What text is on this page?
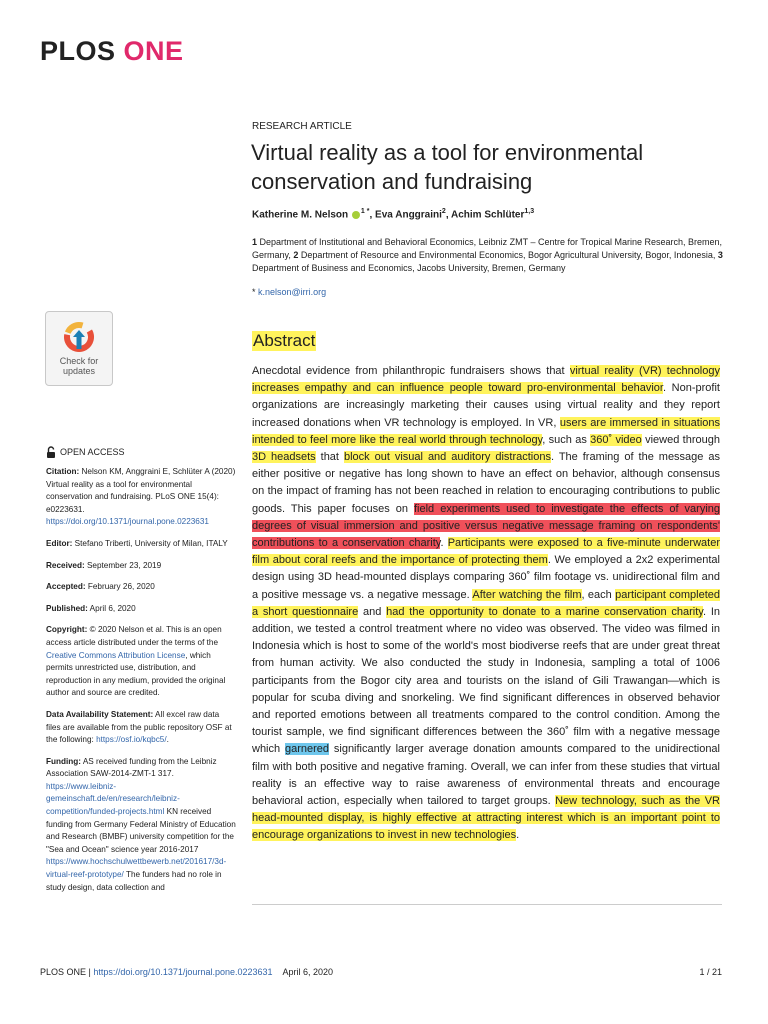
PLOS ONE
RESEARCH ARTICLE
Virtual reality as a tool for environmental conservation and fundraising
Katherine M. Nelson $^{1 *}$, Eva Anggraini$^2$, Achim Schlüter$^{1,3}$
1 Department of Institutional and Behavioral Economics, Leibniz ZMT – Centre for Tropical Marine Research, Bremen, Germany, 2 Department of Resource and Environmental Economics, Bogor Agricultural University, Bogor, Indonesia, 3 Department of Business and Economics, Jacobs University, Bremen, Germany
* k.nelson@irri.org
Abstract

Anecdotal evidence from philanthropic fundraisers shows that virtual reality (VR) technology increases empathy and can influence people toward pro-environmental behavior. Non-profit organizations are increasingly marketing their causes using virtual reality and they report increased donations when VR technology is employed. In VR, users are immersed in situations intended to feel more like the real world through technology, such as 360˚ video viewed through 3D headsets that block out visual and auditory distractions. The framing of the message as either positive or negative has long shown to have an effect on behavior, although consensus on the impact of framing has not been reached in relation to encouraging contributions to public goods. This paper focuses on field experiments used to investigate the effects of varying degrees of visual immersion and positive versus negative message framing on respondents' contributions to a conservation charity. Participants were exposed to a five-minute underwater film about coral reefs and the importance of protecting them. We employed a 2x2 experimental design using 3D head-mounted displays comparing 360˚ film footage vs. unidirectional film and a positive message vs. a negative message. After watching the film, each participant completed a short questionnaire and had the opportunity to donate to a marine conservation charity. In addition, we tested a control treatment where no video was observed. The video was filmed in Indonesia which is host to some of the world's most biodiverse reefs that are under great threat from human activity. We also conducted the study in Indonesia, sampling a total of 1006 participants from the Bogor city area and tourists on the island of Gili Trawangan—which is popular for scuba diving and snorkeling. We find significant differences in observed behavior and reported emotions between all treatments compared to the control condition. Among the tourist sample, we find significant differences between the 360˚ film with a negative message which garnered significantly larger average donation amounts compared to the unidirectional film with both positive and negative framing. Overall, we can infer from these studies that virtual reality is an effective way to raise awareness of environmental threats and encourage behavioral action, especially when tailored to target groups. New technology, such as the VR head-mounted display, is highly effective at attracting interest which is an important point to encourage organizations to invest in new technologies.

Check for
updates
OPEN ACCESS

Citation: Nelson KM, Anggraini E, Schlüter A (2020) Virtual reality as a tool for environmental conservation and fundraising. PLoS ONE 15(4): e0223631. https://doi.org/10.1371/journal.pone.0223631

Editor: Stefano Triberti, University of Milan, ITALY

Received: September 23, 2019

Accepted: February 26, 2020

Published: April 6, 2020

Copyright: © 2020 Nelson et al. This is an open access article distributed under the terms of the Creative Commons Attribution License, which permits unrestricted use, distribution, and reproduction in any medium, provided the original author and source are credited.

Data Availability Statement: All excel raw data files are available from the public repository OSF at the following: https://osf.io/kqbc5/.

Funding: AS received funding from the Leibniz Association SAW-2014-ZMT-1 317. https://www.leibniz-gemeinschaft.de/en/research/leibniz-competition/funded-projects.html KN received funding from Germany Federal Ministry of Education and Research (BMBF) university competition for the "Sea and Ocean" science year 2016-2017 https://www.hochschulwettbewerb.net/201617/3d-virtual-reef-prototype/ The funders had no role in study design, data collection and

PLOS ONE | https://doi.org/10.1371/journal.pone.0223631 April 6, 2020	1 / 21
